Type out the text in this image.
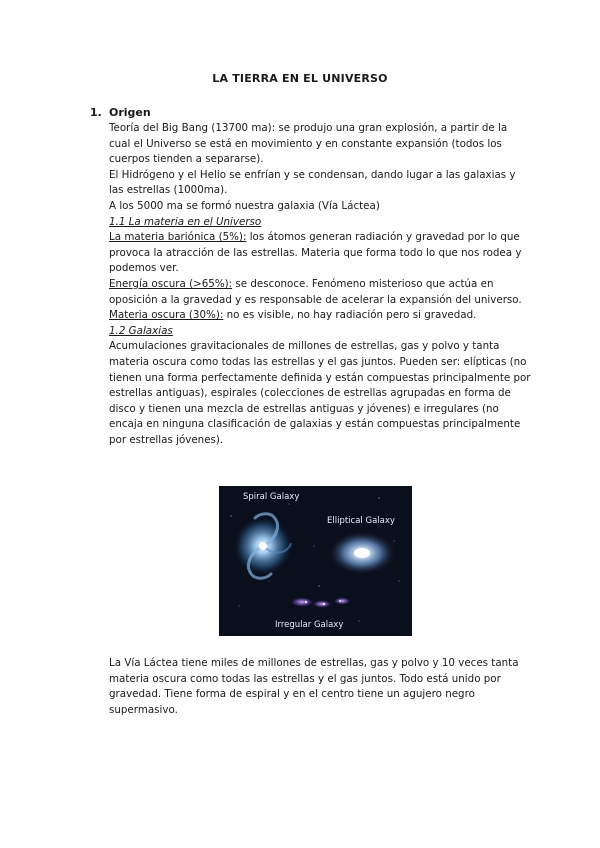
LA TIERRA EN EL UNIVERSO
1. Origen

Teoría del Big Bang (13700 ma): se produjo una gran explosión, a partir de la cual el Universo se está en movimiento y en constante expansión (todos los cuerpos tienden a separarse).

El Hidrógeno y el Helio se enfrían y se condensan, dando lugar a las galaxias y las estrellas (1000ma).

A los 5000 ma se formó nuestra galaxia (Vía Láctea)

1.1 La materia en el Universo

La materia bariónica (5%): los átomos generan radiación y gravedad por lo que provoca la atracción de las estrellas. Materia que forma todo lo que nos rodea y podemos ver.

Energía oscura (>65%): se desconoce. Fenómeno misterioso que actúa en oposición a la gravedad y es responsable de acelerar la expansión del universo.

Materia oscura (30%): no es visible, no hay radiación pero si gravedad.

1.2 Galaxias

Acumulaciones gravitacionales de millones de estrellas, gas y polvo y tanta materia oscura como todas las estrellas y el gas juntos. Pueden ser: elípticas (no tienen una forma perfectamente definida y están compuestas principalmente por estrellas antiguas), espirales (colecciones de estrellas agrupadas en forma de disco y tienen una mezcla de estrellas antiguas y jóvenes) e irregulares (no encaja en ninguna clasificación de galaxias y están compuestas principalmente por estrellas jóvenes).

Spiral Galaxy
Elliptical Galaxy
Irregular Galaxy

La Vía Láctea tiene miles de millones de estrellas, gas y polvo y 10 veces tanta materia oscura como todas las estrellas y el gas juntos. Todo está unido por gravedad. Tiene forma de espiral y en el centro tiene un agujero negro supermasivo.
